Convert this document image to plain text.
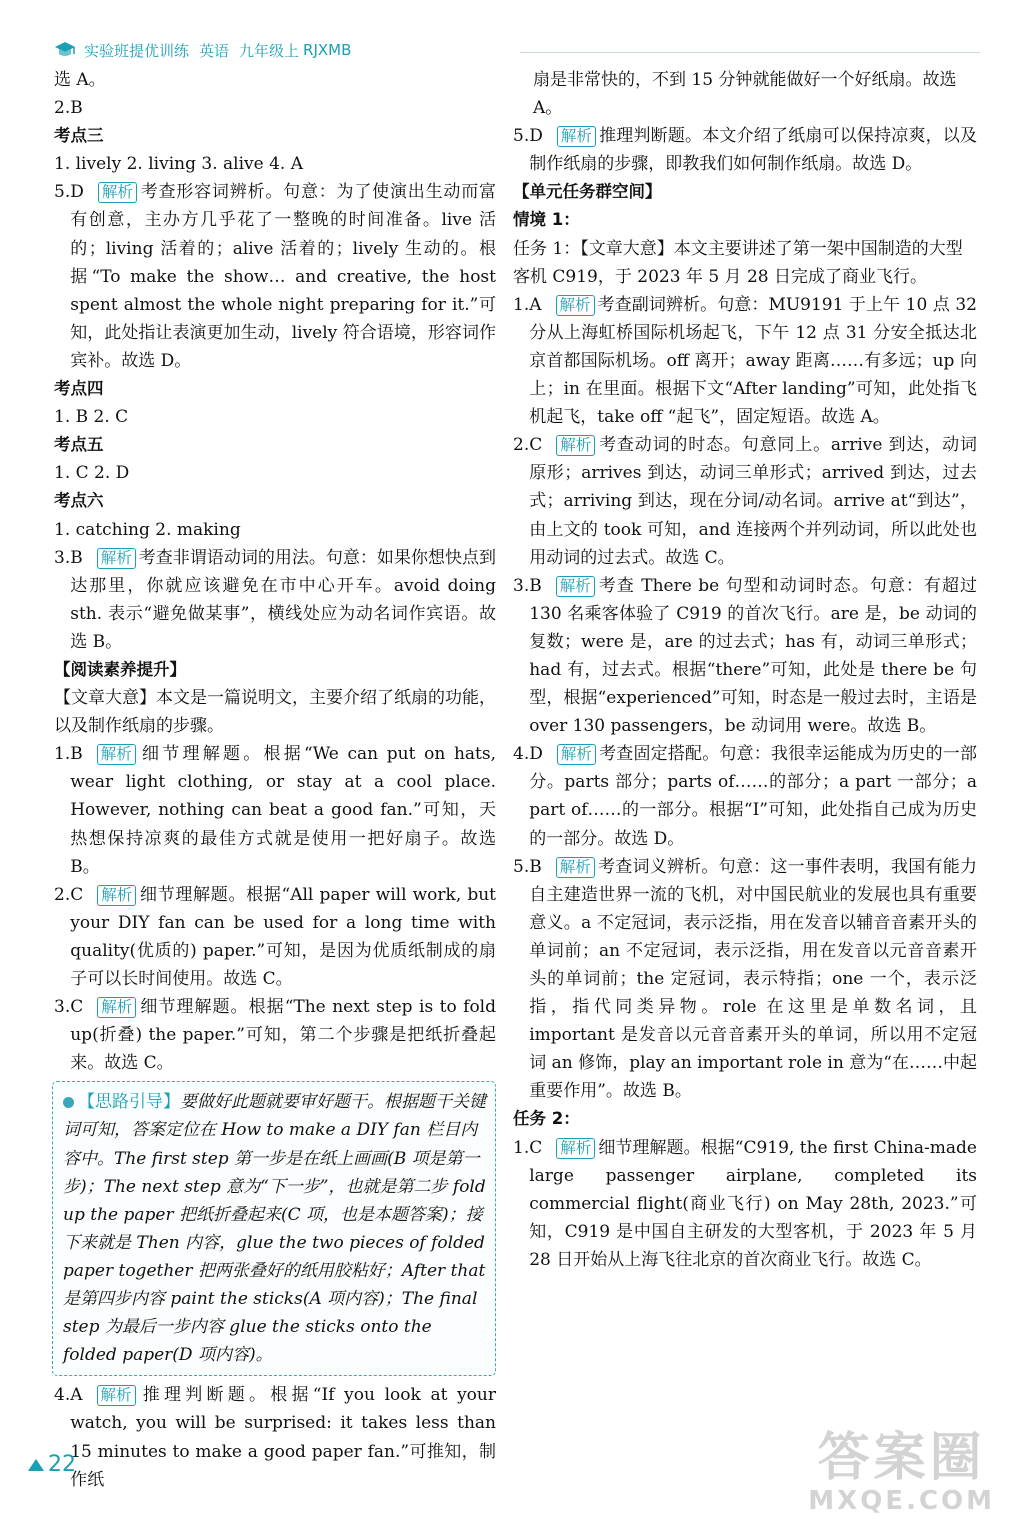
实验班提优训练 英语 九年级上 RJXMB
选 A。
2. B
考点三
1. lively 2. living 3. alive 4. A
5. D 解析 考查形容词辨析。句意：为了使演出生动而富有创意，主办方几乎花了一整晚的时间准备。live 活的；living 活着的；alive 活着的；lively 生动的。根据“To make the show… and creative, the host spent almost the whole night preparing for it.”可知，此处指让表演更加生动，lively 符合语境，形容词作宾补。故选 D。
考点四
1. B 2. C
考点五
1. C 2. D
考点六
1. catching 2. making
3. B 解析 考查非谓语动词的用法。句意：如果你想快点到达那里，你就应该避免在市中心开车。avoid doing sth. 表示“避免做某事”，横线处应为动名词作宾语。故选 B。
【阅读素养提升】
【文章大意】本文是一篇说明文，主要介绍了纸扇的功能，以及制作纸扇的步骤。
1. B 解析 细节理解题。根据“We can put on hats, wear light clothing, or stay at a cool place. However, nothing can beat a good fan.”可知，天热想保持凉爽的最佳方式就是使用一把好扇子。故选 B。
2. C 解析 细节理解题。根据“All paper will work, but your DIY fan can be used for a long time with quality(优质的) paper.”可知，是因为优质纸制成的扇子可以长时间使用。故选 C。
3. C 解析 细节理解题。根据“The next step is to fold up(折叠) the paper.”可知，第二个步骤是把纸折叠起来。故选 C。
【思路引导】要做好此题就要审好题干。根据题干关键词可知，答案定位在 How to make a DIY fan 栏目内容中。The first step 第一步是在纸上画画(B 项是第一步)；The next step 意为“下一步”，也就是第二步 fold up the paper 把纸折叠起来(C 项，也是本题答案)；接下来就是 Then 内容，glue the two pieces of folded paper together 把两张叠好的纸用胶粘好；After that 是第四步内容 paint the sticks(A 项内容)；The final step 为最后一步内容 glue the sticks onto the folded paper(D 项内容)。
4. A 解析 推理判断题。根据“If you look at your watch, you will be surprised: it takes less than 15 minutes to make a good paper fan.”可推知，制作纸
扇是非常快的，不到 15 分钟就能做好一个好纸扇。故选 A。
5. D 解析 推理判断题。本文介绍了纸扇可以保持凉爽，以及制作纸扇的步骤，即教我们如何制作纸扇。故选 D。
【单元任务群空间】
情境 1：
任务 1：【文章大意】本文主要讲述了第一架中国制造的大型客机 C919，于 2023 年 5 月 28 日完成了商业飞行。
1. A 解析 考查副词辨析。句意：MU9191 于上午 10 点 32 分从上海虹桥国际机场起飞，下午 12 点 31 分安全抵达北京首都国际机场。off 离开；away 距离……有多远；up 向上；in 在里面。根据下文“After landing”可知，此处指飞机起飞，take off “起飞”，固定短语。故选 A。
2. C 解析 考查动词的时态。句意同上。arrive 到达，动词原形；arrives 到达，动词三单形式；arrived 到达，过去式；arriving 到达，现在分词/动名词。arrive at“到达”，由上文的 took 可知，and 连接两个并列动词，所以此处也用动词的过去式。故选 C。
3. B 解析 考查 There be 句型和动词时态。句意：有超过 130 名乘客体验了 C919 的首次飞行。are 是，be 动词的复数；were 是，are 的过去式；has 有，动词三单形式；had 有，过去式。根据“there”可知，此处是 there be 句型，根据“experienced”可知，时态是一般过去时，主语是 over 130 passengers，be 动词用 were。故选 B。
4. D 解析 考查固定搭配。句意：我很幸运能成为历史的一部分。parts 部分；parts of……的部分；a part 一部分；a part of……的一部分。根据“I”可知，此处指自己成为历史的一部分。故选 D。
5. B 解析 考查词义辨析。句意：这一事件表明，我国有能力自主建造世界一流的飞机，对中国民航业的发展也具有重要意义。a 不定冠词，表示泛指，用在发音以辅音音素开头的单词前；an 不定冠词，表示泛指，用在发音以元音音素开头的单词前；the 定冠词，表示特指；one 一个，表示泛指，指代同类异物。role 在这里是单数名词，且 important 是发音以元音音素开头的单词，所以用不定冠词 an 修饰，play an important role in 意为“在……中起重要作用”。故选 B。
任务 2：
1. C 解析 细节理解题。根据“C919, the first China-made large passenger airplane, completed its commercial flight(商业飞行) on May 28th, 2023.”可知，C919 是中国自主研发的大型客机，于 2023 年 5 月 28 日开始从上海飞往北京的首次商业飞行。故选 C。
22	答案圈
MXQE.COM
